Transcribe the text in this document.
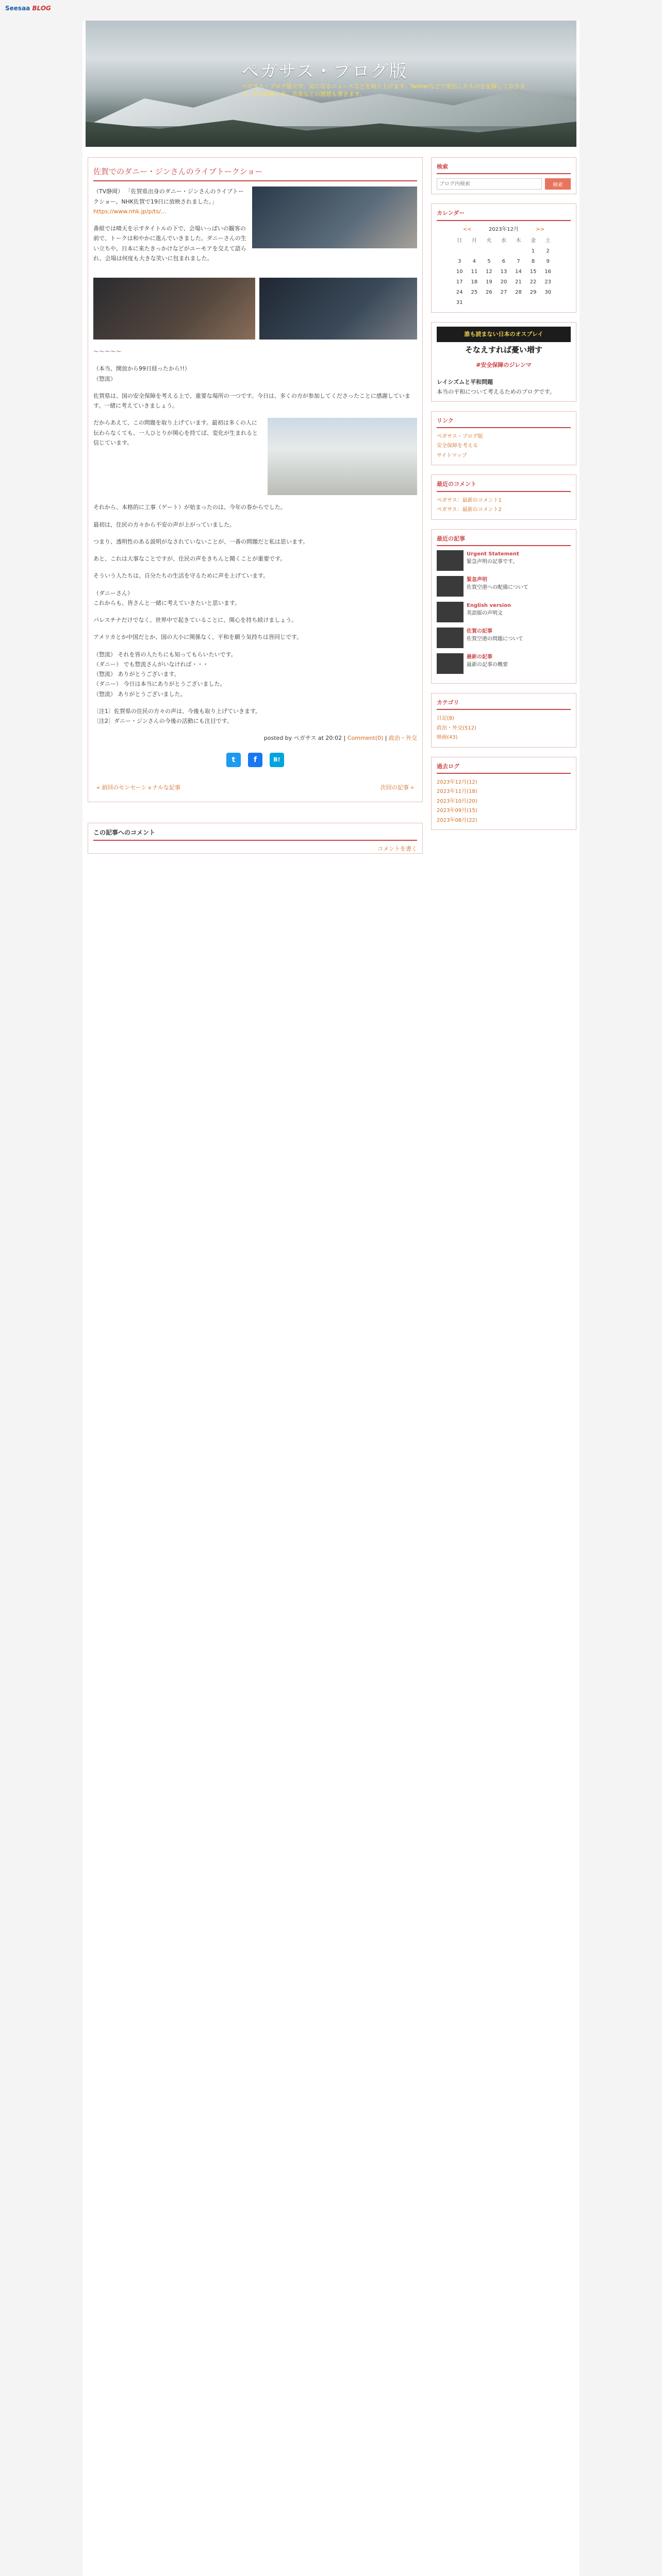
Seesaa BLOG
ペガサス・ブログ版
ペガサス・ブログ版です。気になるニュースなどを取り上げます。Twitterなどで発信したものを記録しておきます。時々映画や本、音楽などの感想も書きます。
佐賀でのダニー・ジンさんのライブトークショー

（TV静岡） 「佐賀県出身のダニー・ジンさんのライブトークショー。NHK佐賀で19日に放映されました。」 https://www.nhk.jp/p/ts/...

番組では晴天を示すタイトルの下で、会場いっぱいの観客の前で、トークは和やかに進んでいきました。ダニーさんの生い立ちや、日本に来たきっかけなどがユーモアを交えて語られ、会場は何度も大きな笑いに包まれました。

〜〜〜〜〜

（本当、開放から99日経ったから!!）

（惣流）

佐賀県は、国の安全保障を考える上で、重要な場所の一つです。今日は、多くの方が参加してくださったことに感謝しています。一緒に考えていきましょう。

だからあえて、この問題を取り上げています。最初は多くの人に伝わらなくても、一人ひとりが関心を持てば、変化が生まれると信じています。

それから、本格的に工事（ゲート）が始まったのは、今年の春からでした。

最初は、住民の方々から不安の声が上がっていました。

つまり、透明性のある説明がなされていないことが、一番の問題だと私は思います。

あと、これは大事なことですが、住民の声をきちんと聞くことが重要です。

そういう人たちは、自分たちの生活を守るために声を上げています。

（ダニーさん）

これからも、皆さんと一緒に考えていきたいと思います。

パレスチナだけでなく、世界中で起きていることに、関心を持ち続けましょう。

アメリカとか中国だとか、国の大小に関係なく、平和を願う気持ちは皆同じです。

（惣流） それを皆の人たちにも知ってもらいたいです。

（ダニー） でも惣流さんがいなければ・・・

（惣流） ありがとうございます。

（ダニー） 今日は本当にありがとうございました。

（惣流） ありがとうございました。

〔注1〕佐賀県の住民の方々の声は、今後も取り上げていきます。

〔注2〕ダニー・ジンさんの今後の活動にも注目です。

posted by ペガサス at 20:02 | Comment(0) | 政治・外交

t	f	B!
« 前回のセンセーショナルな記事	次回の記事 »
この記事へのコメント

コメントを書く

検索
ブログ内検索
検索
カレンダー
<<	2023年12月	>>
日	月	火	水	木	金	土
					1	2
3	4	5	6	7	8	9
10	11	12	13	14	15	16
17	18	19	20	21	22	23
24	25	26	27	28	29	30
31						
誰も読まない日本のオスプレイ
そなえすれば憂い増す
#安全保障のジレンマ

レイシズムと平和問題

本当の平和について考えるためのブログです。

リンク
ペガサス・ブログ版
安全保障を考える
サイトマップ
最近のコメント
ペガサス：最新のコメント1
ペガサス：最新のコメント2
最近の記事
Urgent Statement
緊急声明の記事です。
緊急声明
佐賀空港への配備について
English version
英語版の声明文
佐賀の記事
佐賀空港の問題について
最新の記事
最新の記事の概要
カテゴリ
日記(8)
政治・外交(512)
映画(43)
過去ログ
2023年12月(12)
2023年11月(18)
2023年10月(20)
2023年09月(15)
2023年08月(22)
